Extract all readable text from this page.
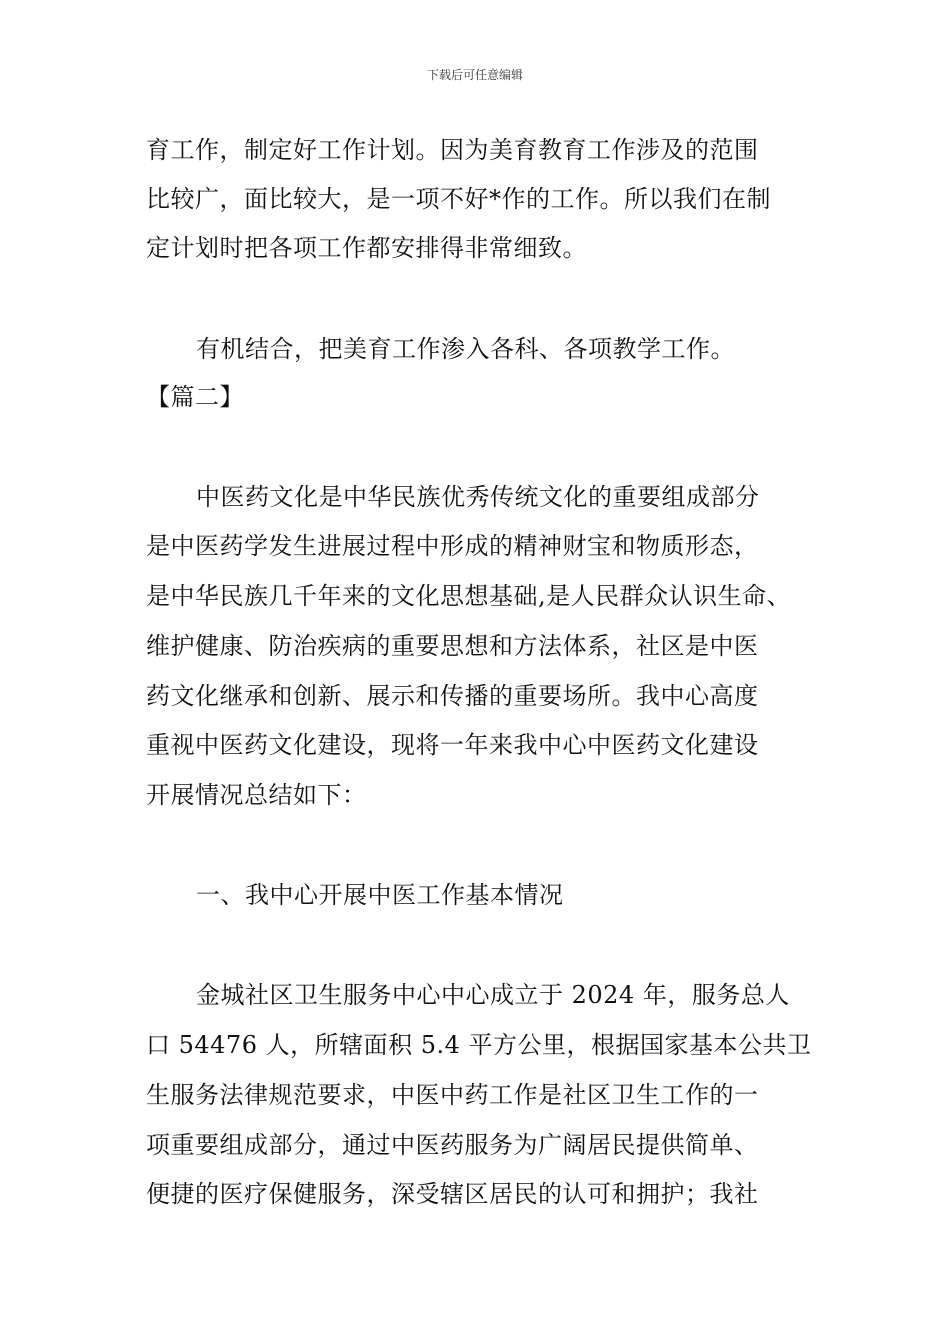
下载后可任意编辑
育工作，制定好工作计划。因为美育教育工作涉及的范围
比较广，面比较大，是一项不好*作的工作。所以我们在制
定计划时把各项工作都安排得非常细致。
有机结合，把美育工作渗入各科、各项教学工作。
【篇二】
中医药文化是中华民族优秀传统文化的重要组成部分
是中医药学发生进展过程中形成的精神财宝和物质形态，
是中华民族几千年来的文化思想基础,是人民群众认识生命、
维护健康、防治疾病的重要思想和方法体系，社区是中医
药文化继承和创新、展示和传播的重要场所。我中心高度
重视中医药文化建设，现将一年来我中心中医药文化建设
开展情况总结如下：
一、我中心开展中医工作基本情况
金城社区卫生服务中心中心成立于 2024 年，服务总人
口 54476 人，所辖面积 5.4 平方公里，根据国家基本公共卫
生服务法律规范要求，中医中药工作是社区卫生工作的一
项重要组成部分，通过中医药服务为广阔居民提供简单、
便捷的医疗保健服务，深受辖区居民的认可和拥护；我社
